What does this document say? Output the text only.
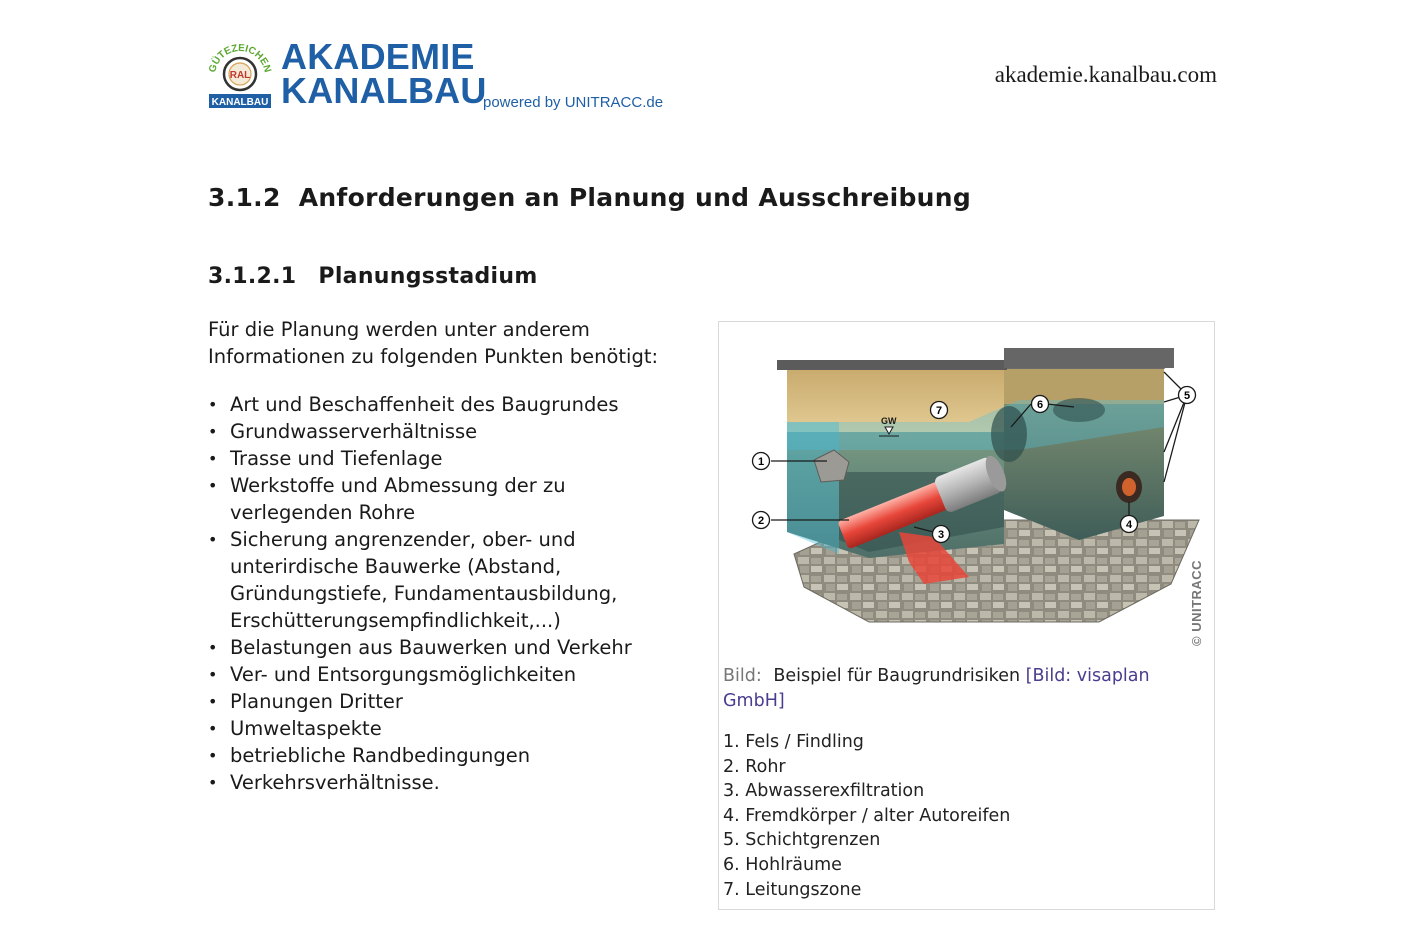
GÜTEZEICHEN
RAL
KANALBAU
AKADEMIE
KANALBAU
powered by UNITRACC.de
akademie.kanalbau.com
3.1.2 Anforderungen an Planung und Ausschreibung
3.1.2.1 Planungsstadium
Für die Planung werden unter anderem
Informationen zu folgenden Punkten benötigt:
• Art und Beschaffenheit des Baugrundes
• Grundwasserverhältnisse
• Trasse und Tiefenlage
• Werkstoffe und Abmessung der zu verlegenden Rohre
• Sicherung angrenzender, ober- und unterirdische Bauwerke (Abstand, Gründungstiefe, Fundamentausbildung, Erschütterungsempfindlichkeit,...)
• Belastungen aus Bauwerken und Verkehr
• Ver- und Entsorgungsmöglichkeiten
• Planungen Dritter
• Umweltaspekte
• betriebliche Randbedingungen
• Verkehrsverhältnisse.
GW
1
2
3
4
5
6
7
© UNITRACC
Bild: Beispiel für Baugrundrisiken [Bild: visaplan GmbH]
1. Fels / Findling
2. Rohr
3. Abwasserexfiltration
4. Fremdkörper / alter Autoreifen
5. Schichtgrenzen
6. Hohlräume
7. Leitungszone
